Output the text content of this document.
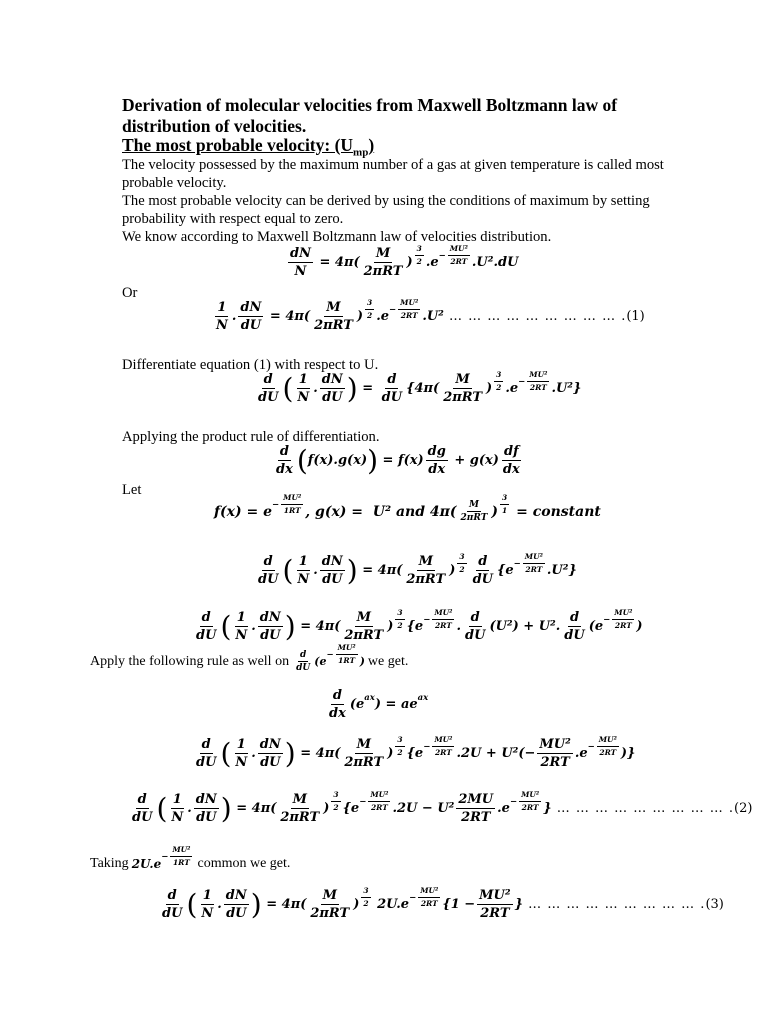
Derivation of molecular velocities from Maxwell Boltzmann law of
distribution of velocities.
The most probable velocity: $(U_{mp})$
The velocity possessed by the maximum number of a gas at given temperature is called most
probable velocity.
The most probable velocity can be derived by using the conditions of maximum by setting
probability with respect equal to zero.
We know according to Maxwell Boltzmann law of velocities distribution.
$\frac{dN}{N} = 4\pi( \frac{M}{\text{2πRT}}$ ) $\frac{3}{2} .e - \frac{\text{MU²}}{2RT} .U^2$ .dU
Or
$\frac{1}{N}$ . $\frac{dN}{dU} = 4\pi( \frac{M}{\text{2πRT}}$ ) $\frac{3}{2} .e - \frac{\text{MU²}}{2RT} .U^2$ … … … … … … … … … . (1)
Differentiate equation (1) with respect to U.
$\frac{d}{dU}$ ( $\frac{1}{N}$ . $\frac{dN}{dU}$ ) = $\frac{d}{dU} \{4\pi( \frac{M}{\text{2πRT}}$ ) $\frac{3}{2} .e - \frac{\text{MU²}}{2RT} .U^2$}
Applying the product rule of differentiation.
$\frac{d}{dx}$ ( f(x).g(x) ) = $f(x) \frac{dg}{dx} + g(x) \frac{df}{dx}$
Let
$f(x) = e - \frac{\text{MU²}}{1RT}$ , g(x) =  U² and $4\pi( \frac{M}{\text{2πRT}}$ ) $\frac{3}{1}$ = constant
$\frac{d}{dU}$ ( $\frac{1}{N}$ . $\frac{dN}{dU}$ ) = $4\pi( \frac{M}{\text{2πRT}}$ ) $\frac{3}{2} \frac{d}{dU} \{e - \frac{\text{MU²}}{2RT} .U^2\}$
$\frac{d}{dU}$ ( $\frac{1}{N}$ . $\frac{dN}{dU}$ ) = $4\pi( \frac{M}{\text{2πRT}}$ ) $\frac{3}{2} \{e - \frac{\text{MU²}}{2RT}$ . $\frac{d}{dU} (U^2) + U^2$. $\frac{d}{dU} (e - \frac{\text{MU²}}{2RT}$ )
Apply the following rule as well on $\frac{d}{dU} (e - \frac{\text{MU²}}{1RT}$ ) we get.
$\frac{d}{dx} (e$ ax ) = ae ax
$\frac{d}{dU}$ ( $\frac{1}{N}$ . $\frac{dN}{dU}$ ) = $4\pi( \frac{M}{\text{2πRT}}$ ) $\frac{3}{2} \{e - \frac{\text{MU²}}{2RT} .2U + U^2(- \frac{\text{MU²}}{2RT} .e - \frac{\text{MU²}}{2RT}$ )}
$\frac{d}{dU}$ ( $\frac{1}{N}$ . $\frac{dN}{dU}$ ) = $4\pi( \frac{M}{\text{2πRT}}$ ) $\frac{3}{2} \{e - \frac{\text{MU²}}{2RT} .2U - U^2 \frac{2MU}{2RT} .e - \frac{\text{MU²}}{2RT}$ } … … … … … … … … … . (2)
Taking $2U.e - \frac{\text{MU²}}{1RT}$ common we get.
$\frac{d}{dU}$ ( $\frac{1}{N}$ . $\frac{dN}{dU}$ ) = $4\pi( \frac{M}{\text{2πRT}}$ ) $\frac{3}{2} 2U.e - \frac{\text{MU²}}{2RT} \{1 - \frac{\text{MU²}}{2RT}$ } … … … … … … … … … . (3)
